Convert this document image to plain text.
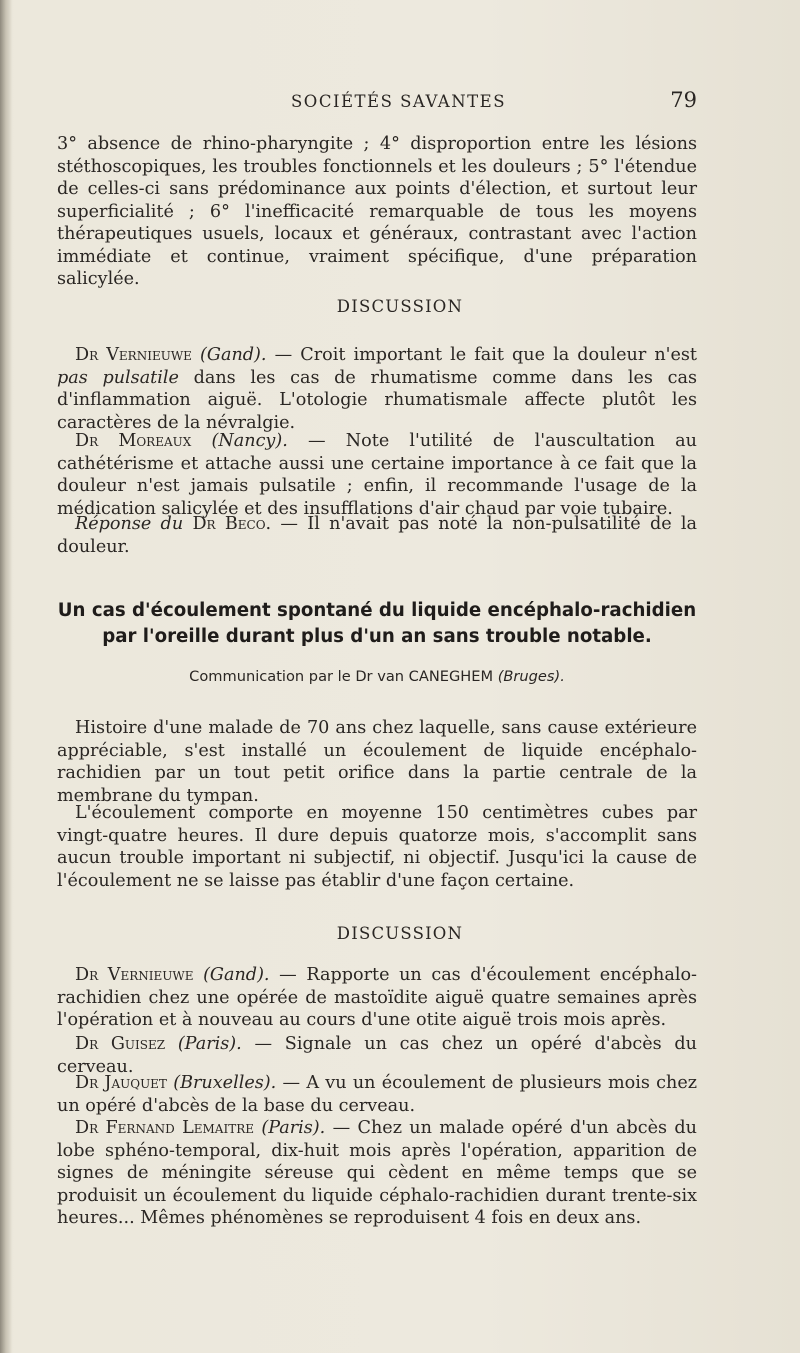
SOCIÉTÉS SAVANTES	79

3° absence de rhino-pharyngite ; 4° disproportion entre les lésions stéthoscopiques, les troubles fonctionnels et les douleurs ; 5° l'étendue de celles-ci sans prédominance aux points d'élection, et surtout leur superficialité ; 6° l'inefficacité remarquable de tous les moyens thérapeutiques usuels, locaux et généraux, contrastant avec l'action immédiate et continue, vraiment spécifique, d'une préparation salicylée.

DISCUSSION

Dr Vernieuwe (Gand). — Croit important le fait que la douleur n'est pas pulsatile dans les cas de rhumatisme comme dans les cas d'inflammation aiguë. L'otologie rhumatismale affecte plutôt les caractères de la névralgie.

Dr Moreaux (Nancy). — Note l'utilité de l'auscultation au cathétérisme et attache aussi une certaine importance à ce fait que la douleur n'est jamais pulsatile ; enfin, il recommande l'usage de la médication salicylée et des insufflations d'air chaud par voie tubaire.

Réponse du Dr Beco. — Il n'avait pas noté la non-pulsatilité de la douleur.

Un cas d'écoulement spontané du liquide encéphalo-rachidien
par l'oreille durant plus d'un an sans trouble notable.
Communication par le Dr van CANEGHEM (Bruges).

Histoire d'une malade de 70 ans chez laquelle, sans cause extérieure appréciable, s'est installé un écoulement de liquide encéphalo-rachidien par un tout petit orifice dans la partie centrale de la membrane du tympan.

L'écoulement comporte en moyenne 150 centimètres cubes par vingt-quatre heures. Il dure depuis quatorze mois, s'accomplit sans aucun trouble important ni subjectif, ni objectif. Jusqu'ici la cause de l'écoulement ne se laisse pas établir d'une façon certaine.

DISCUSSION

Dr Vernieuwe (Gand). — Rapporte un cas d'écoulement encéphalo-rachidien chez une opérée de mastoïdite aiguë quatre semaines après l'opération et à nouveau au cours d'une otite aiguë trois mois après.

Dr Guisez (Paris). — Signale un cas chez un opéré d'abcès du cerveau.

Dr Jauquet (Bruxelles). — A vu un écoulement de plusieurs mois chez un opéré d'abcès de la base du cerveau.

Dr Fernand Lemaitre (Paris). — Chez un malade opéré d'un abcès du lobe sphéno-temporal, dix-huit mois après l'opération, apparition de signes de méningite séreuse qui cèdent en même temps que se produisit un écoulement du liquide céphalo-rachidien durant trente-six heures... Mêmes phénomènes se reproduisent 4 fois en deux ans.
